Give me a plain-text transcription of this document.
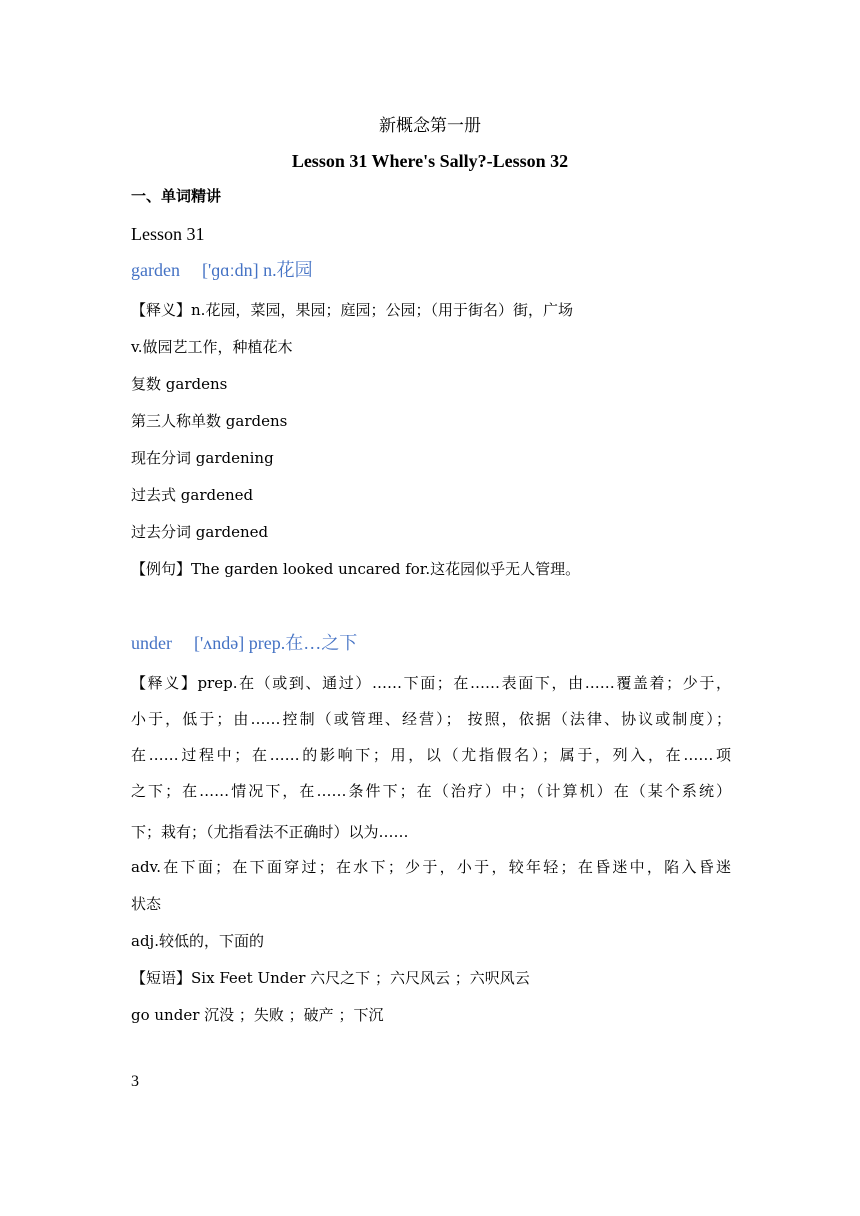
新概念第一册
Lesson 31 Where's Sally?-Lesson 32
一、单词精讲
Lesson 31
garden ['ɡɑːdn] n.花园
【释义】n.花园，菜园，果园；庭园；公园；（用于街名）街，广场
v.做园艺工作，种植花木
复数 gardens
第三人称单数 gardens
现在分词 gardening
过去式 gardened
过去分词 gardened
【例句】The garden looked uncared for.这花园似乎无人管理。
under ['ʌndə] prep.在…之下
【释义】prep.在（或到、通过）……下面；在……表面下，由……覆盖着；少于，
小于，低于；由……控制（或管理、经营）； 按照，依据（法律、协议或制度）；
在……过程中；在……的影响下；用，以（尤指假名）；属于，列入，在……项
之下；在……情况下，在……条件下；在（治疗）中；（计算机）在（某个系统）
下；栽有；（尤指看法不正确时）以为……
adv.在下面；在下面穿过；在水下；少于，小于，较年轻；在昏迷中，陷入昏迷
状态
adj.较低的，下面的
【短语】Six Feet Under 六尺之下 ；六尺风云 ；六呎风云
go under 沉没 ；失败 ；破产 ；下沉
3
